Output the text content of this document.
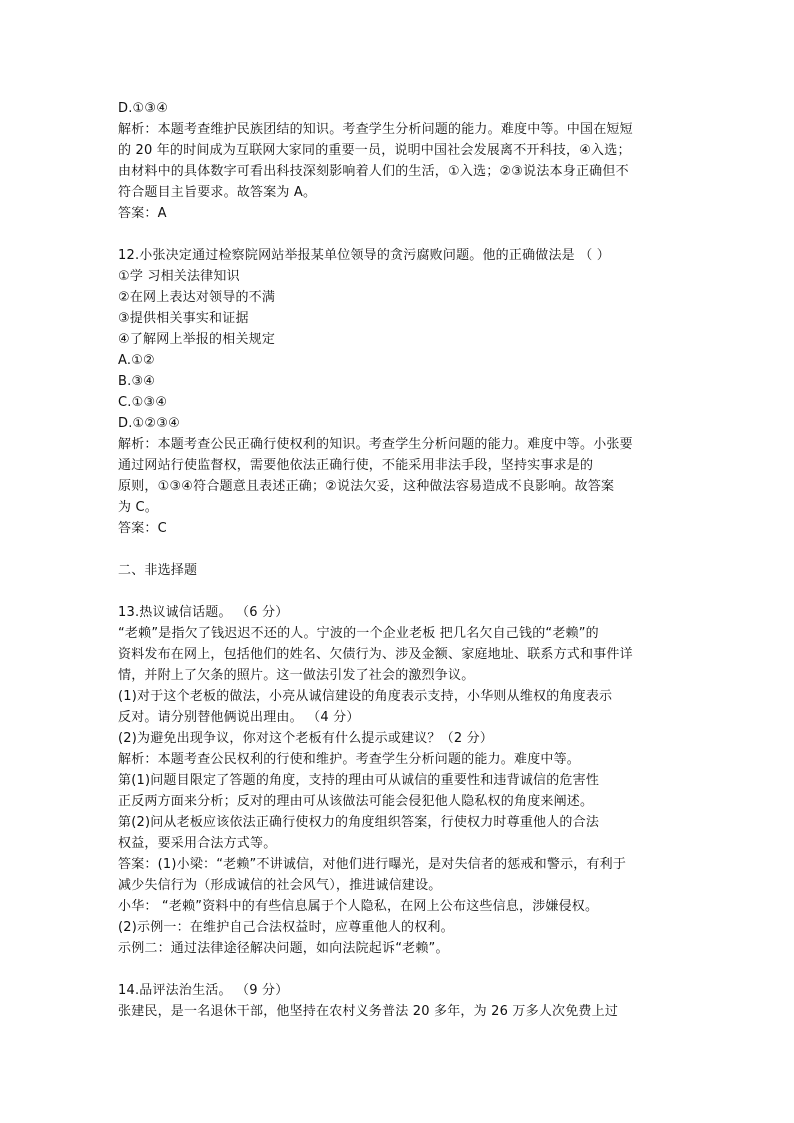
D.①③④
解析：本题考查维护民族团结的知识。考查学生分析问题的能力。难度中等。中国在短短
的 20 年的时间成为互联网大家同的重要一员，说明中国社会发展离不开科技，④入选；
由材料中的具体数字可看出科技深刻影响着人们的生活，①入选；②③说法本身正确但不
符合题目主旨要求。故答案为 A。
答案：A
12.小张决定通过检察院网站举报某单位领导的贪污腐败问题。他的正确做法是 （ ）
①学 习相关法律知识
②在网上表达对领导的不满
③提供相关事实和证据
④了解网上举报的相关规定
A.①②
B.③④
C.①③④
D.①②③④
解析：本题考查公民正确行使权利的知识。考查学生分析问题的能力。难度中等。小张要
通过网站行使监督权，需要他依法正确行使，不能采用非法手段，坚持实事求是的
原则，①③④符合题意且表述正确；②说法欠妥，这种做法容易造成不良影响。故答案
为 C。
答案：C
二、非选择题
13.热议诚信话题。 （6 分）
“老赖”是指欠了钱迟迟不还的人。宁波的一个企业老板 把几名欠自己钱的“老赖”的
资料发布在网上，包括他们的姓名、欠债行为、涉及金额、家庭地址、联系方式和事件详
情，并附上了欠条的照片。这一做法引发了社会的激烈争议。
(1)对于这个老板的做法，小亮从诚信建设的角度表示支持，小华则从维权的角度表示
反对。请分别替他俩说出理由。 （4 分）
(2)为避免出现争议，你对这个老板有什么提示或建议？（2 分）
解析：本题考查公民权利的行使和维护。考查学生分析问题的能力。难度中等。
第(1)问题目限定了答题的角度，支持的理由可从诚信的重要性和违背诚信的危害性
正反两方面来分析；反对的理由可从该做法可能会侵犯他人隐私权的角度来阐述。
第(2)问从老板应该依法正确行使权力的角度组织答案，行使权力时尊重他人的合法
权益，要采用合法方式等。
答案：(1)小梁：“老赖”不讲诚信，对他们进行曝光，是对失信者的惩戒和警示，有利于
减少失信行为（形成诚信的社会风气），推进诚信建设。
小华： “老赖”资料中的有些信息属于个人隐私，在网上公布这些信息，涉嫌侵权。
(2)示例一：在维护自己合法权益时，应尊重他人的权利。
示例二：通过法律途径解决问题，如向法院起诉“老赖”。
14.品评法治生活。 （9 分）
张建民，是一名退休干部，他坚持在农村义务普法 20 多年，为 26 万多人次免费上过
